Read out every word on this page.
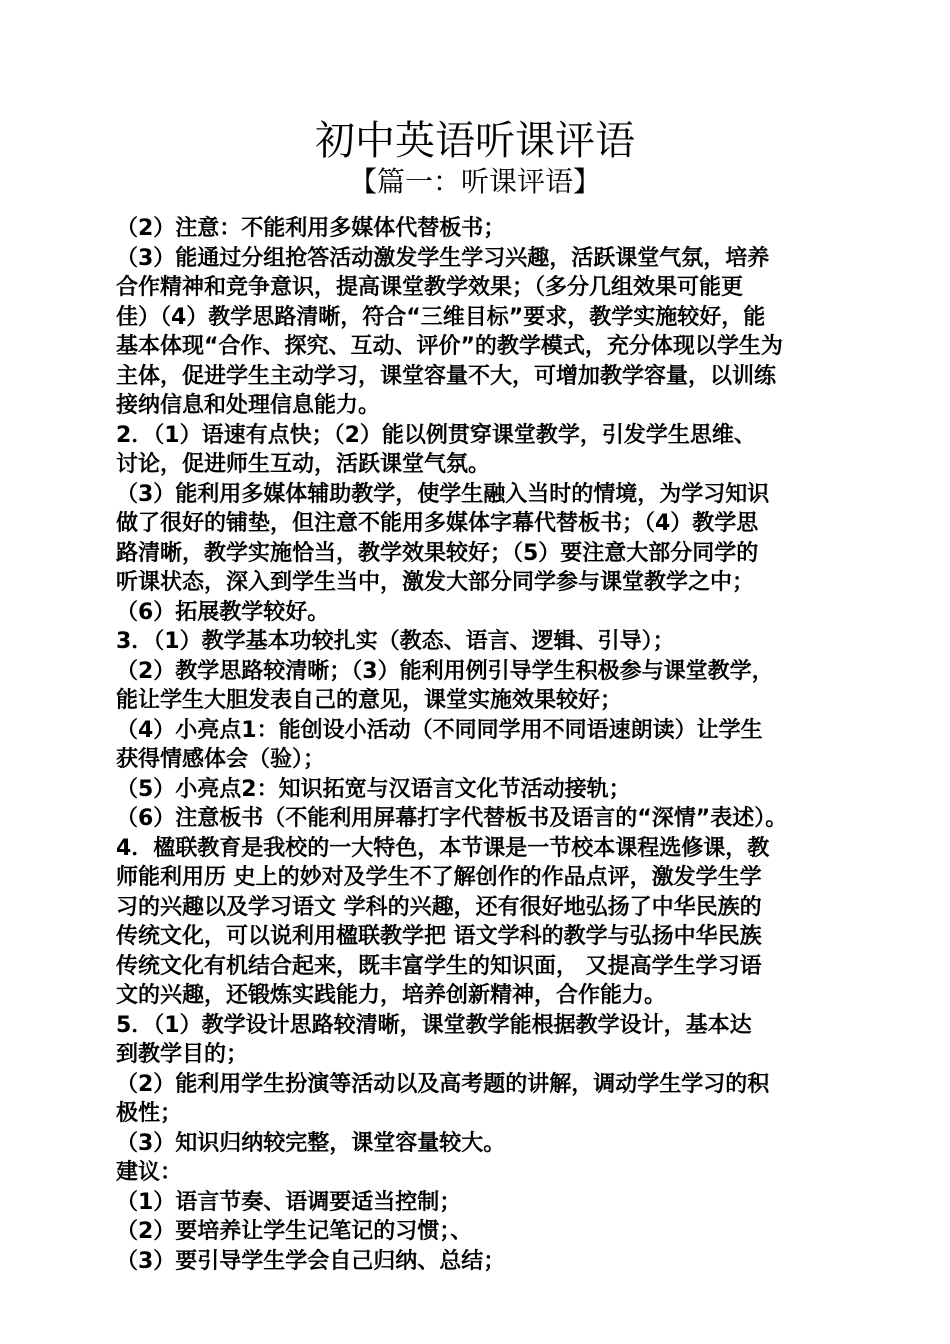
初中英语听课评语
【篇一：听课评语】
（2）注意：不能利用多媒体代替板书；
（3）能通过分组抢答活动激发学生学习兴趣，活跃课堂气氛，培养
合作精神和竞争意识，提高课堂教学效果；（多分几组效果可能更
佳）（4）教学思路清晰，符合“三维目标”要求，教学实施较好，能
基本体现“合作、探究、互动、评价”的教学模式，充分体现以学生为
主体，促进学生主动学习，课堂容量不大，可增加教学容量，以训练
接纳信息和处理信息能力。
2．（1）语速有点快；（2）能以例贯穿课堂教学，引发学生思维、
讨论，促进师生互动，活跃课堂气氛。
（3）能利用多媒体辅助教学，使学生融入当时的情境，为学习知识
做了很好的铺垫，但注意不能用多媒体字幕代替板书；（4）教学思
路清晰，教学实施恰当，教学效果较好；（5）要注意大部分同学的
听课状态，深入到学生当中，激发大部分同学参与课堂教学之中；
（6）拓展教学较好。
3．（1）教学基本功较扎实（教态、语言、逻辑、引导）；
（2）教学思路较清晰；（3）能利用例引导学生积极参与课堂教学，
能让学生大胆发表自己的意见，课堂实施效果较好；
（4）小亮点1：能创设小活动（不同同学用不同语速朗读）让学生
获得情感体会（验）；
（5）小亮点2：知识拓宽与汉语言文化节活动接轨；
（6）注意板书（不能利用屏幕打字代替板书及语言的“深情”表述）。
4．楹联教育是我校的一大特色，本节课是一节校本课程选修课，教
师能利用历 史上的妙对及学生不了解创作的作品点评，激发学生学
习的兴趣以及学习语文 学科的兴趣，还有很好地弘扬了中华民族的
传统文化，可以说利用楹联教学把 语文学科的教学与弘扬中华民族
传统文化有机结合起来，既丰富学生的知识面， 又提高学生学习语
文的兴趣，还锻炼实践能力，培养创新精神，合作能力。
5．（1）教学设计思路较清晰，课堂教学能根据教学设计，基本达
到教学目的；
（2）能利用学生扮演等活动以及高考题的讲解，调动学生学习的积
极性；
（3）知识归纳较完整，课堂容量较大。
建议：
（1）语言节奏、语调要适当控制；
（2）要培养让学生记笔记的习惯；、
（3）要引导学生学会自己归纳、总结；
